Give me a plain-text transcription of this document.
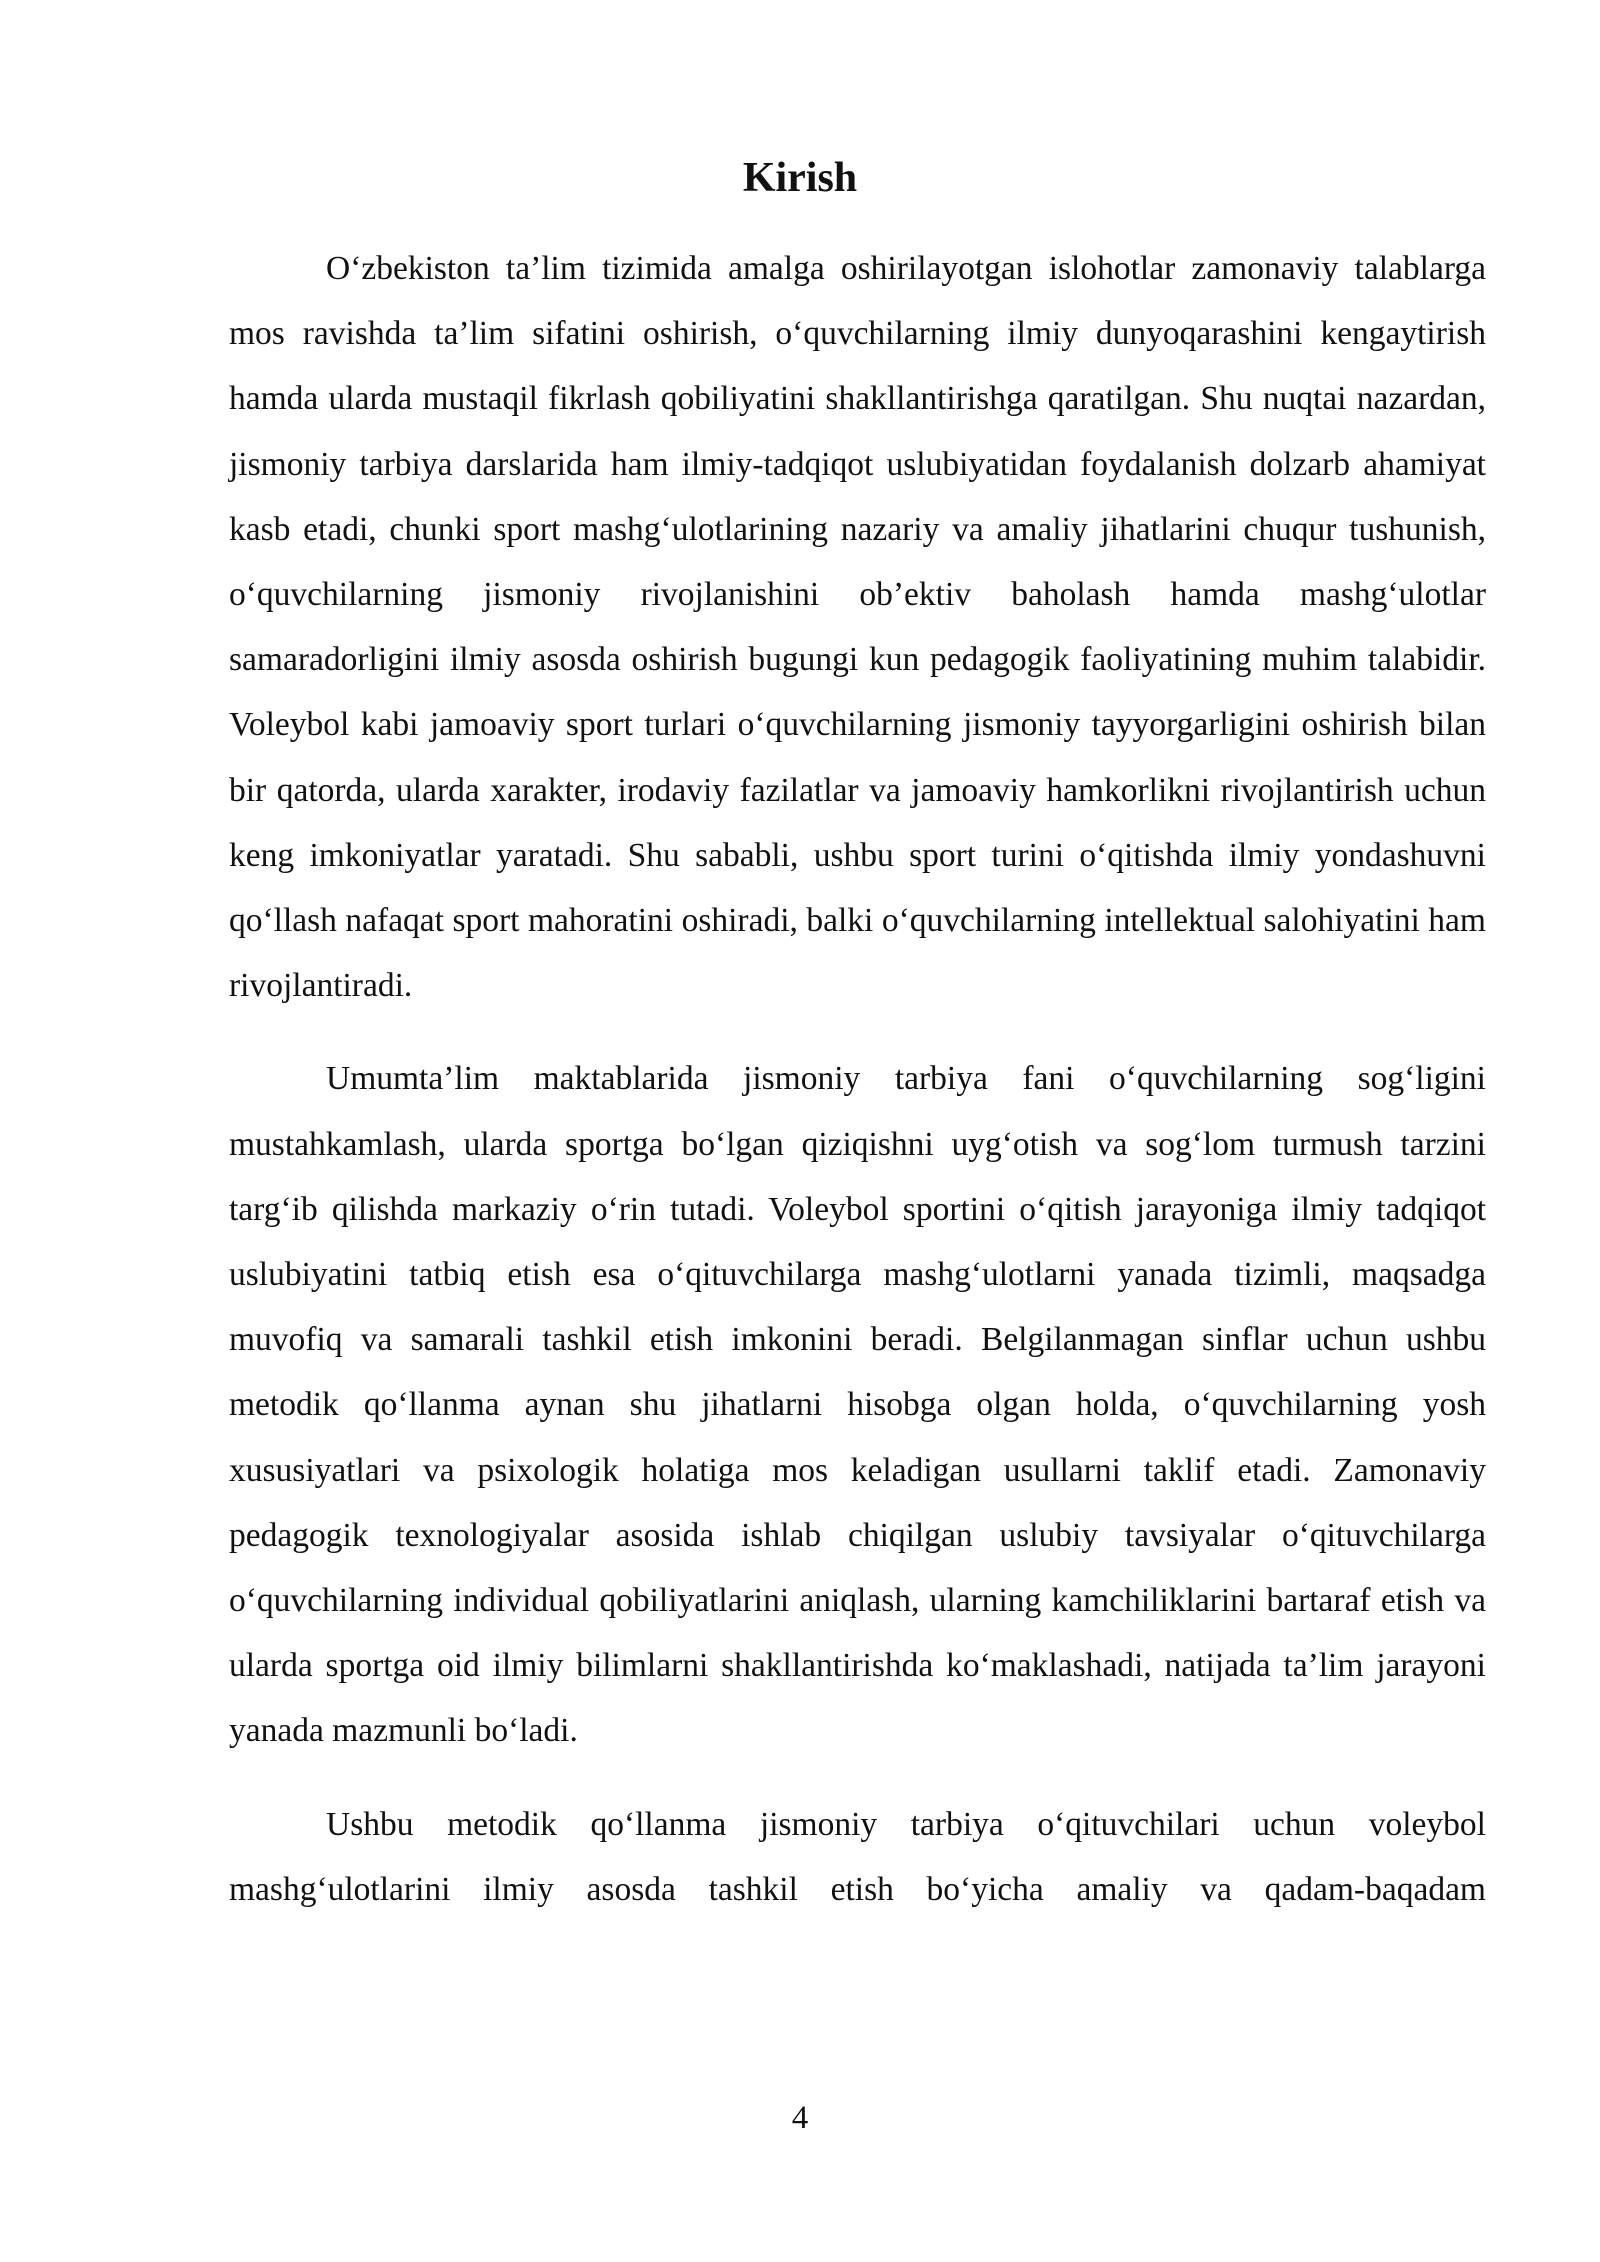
Kirish

O‘zbekiston ta’lim tizimida amalga oshirilayotgan islohotlar zamonaviy talablarga mos ravishda ta’lim sifatini oshirish, o‘quvchilarning ilmiy dunyoqarashini kengaytirish hamda ularda mustaqil fikrlash qobiliyatini shakllantirishga qaratilgan. Shu nuqtai nazardan, jismoniy tarbiya darslarida ham ilmiy-tadqiqot uslubiyatidan foydalanish dolzarb ahamiyat kasb etadi, chunki sport mashg‘ulotlarining nazariy va amaliy jihatlarini chuqur tushunish, o‘quvchilarning jismoniy rivojlanishini ob’ektiv baholash hamda mashg‘ulotlar samaradorligini ilmiy asosda oshirish bugungi kun pedagogik faoliyatining muhim talabidir. Voleybol kabi jamoaviy sport turlari o‘quvchilarning jismoniy tayyorgarligini oshirish bilan bir qatorda, ularda xarakter, irodaviy fazilatlar va jamoaviy hamkorlikni rivojlantirish uchun keng imkoniyatlar yaratadi. Shu sababli, ushbu sport turini o‘qitishda ilmiy yondashuvni qo‘llash nafaqat sport mahoratini oshiradi, balki o‘quvchilarning intellektual salohiyatini ham rivojlantiradi.

Umumta’lim maktablarida jismoniy tarbiya fani o‘quvchilarning sog‘ligini mustahkamlash, ularda sportga bo‘lgan qiziqishni uyg‘otish va sog‘lom turmush tarzini targ‘ib qilishda markaziy o‘rin tutadi. Voleybol sportini o‘qitish jarayoniga ilmiy tadqiqot uslubiyatini tatbiq etish esa o‘qituvchilarga mashg‘ulotlarni yanada tizimli, maqsadga muvofiq va samarali tashkil etish imkonini beradi. Belgilanmagan sinflar uchun ushbu metodik qo‘llanma aynan shu jihatlarni hisobga olgan holda, o‘quvchilarning yosh xususiyatlari va psixologik holatiga mos keladigan usullarni taklif etadi. Zamonaviy pedagogik texnologiyalar asosida ishlab chiqilgan uslubiy tavsiyalar o‘qituvchilarga o‘quvchilarning individual qobiliyatlarini aniqlash, ularning kamchiliklarini bartaraf etish va ularda sportga oid ilmiy bilimlarni shakllantirishda ko‘maklashadi, natijada ta’lim jarayoni yanada mazmunli bo‘ladi.

Ushbu metodik qo‘llanma jismoniy tarbiya o‘qituvchilari uchun voleybol mashg‘ulotlarini ilmiy asosda tashkil etish bo‘yicha amaliy va qadam-baqadam

4
